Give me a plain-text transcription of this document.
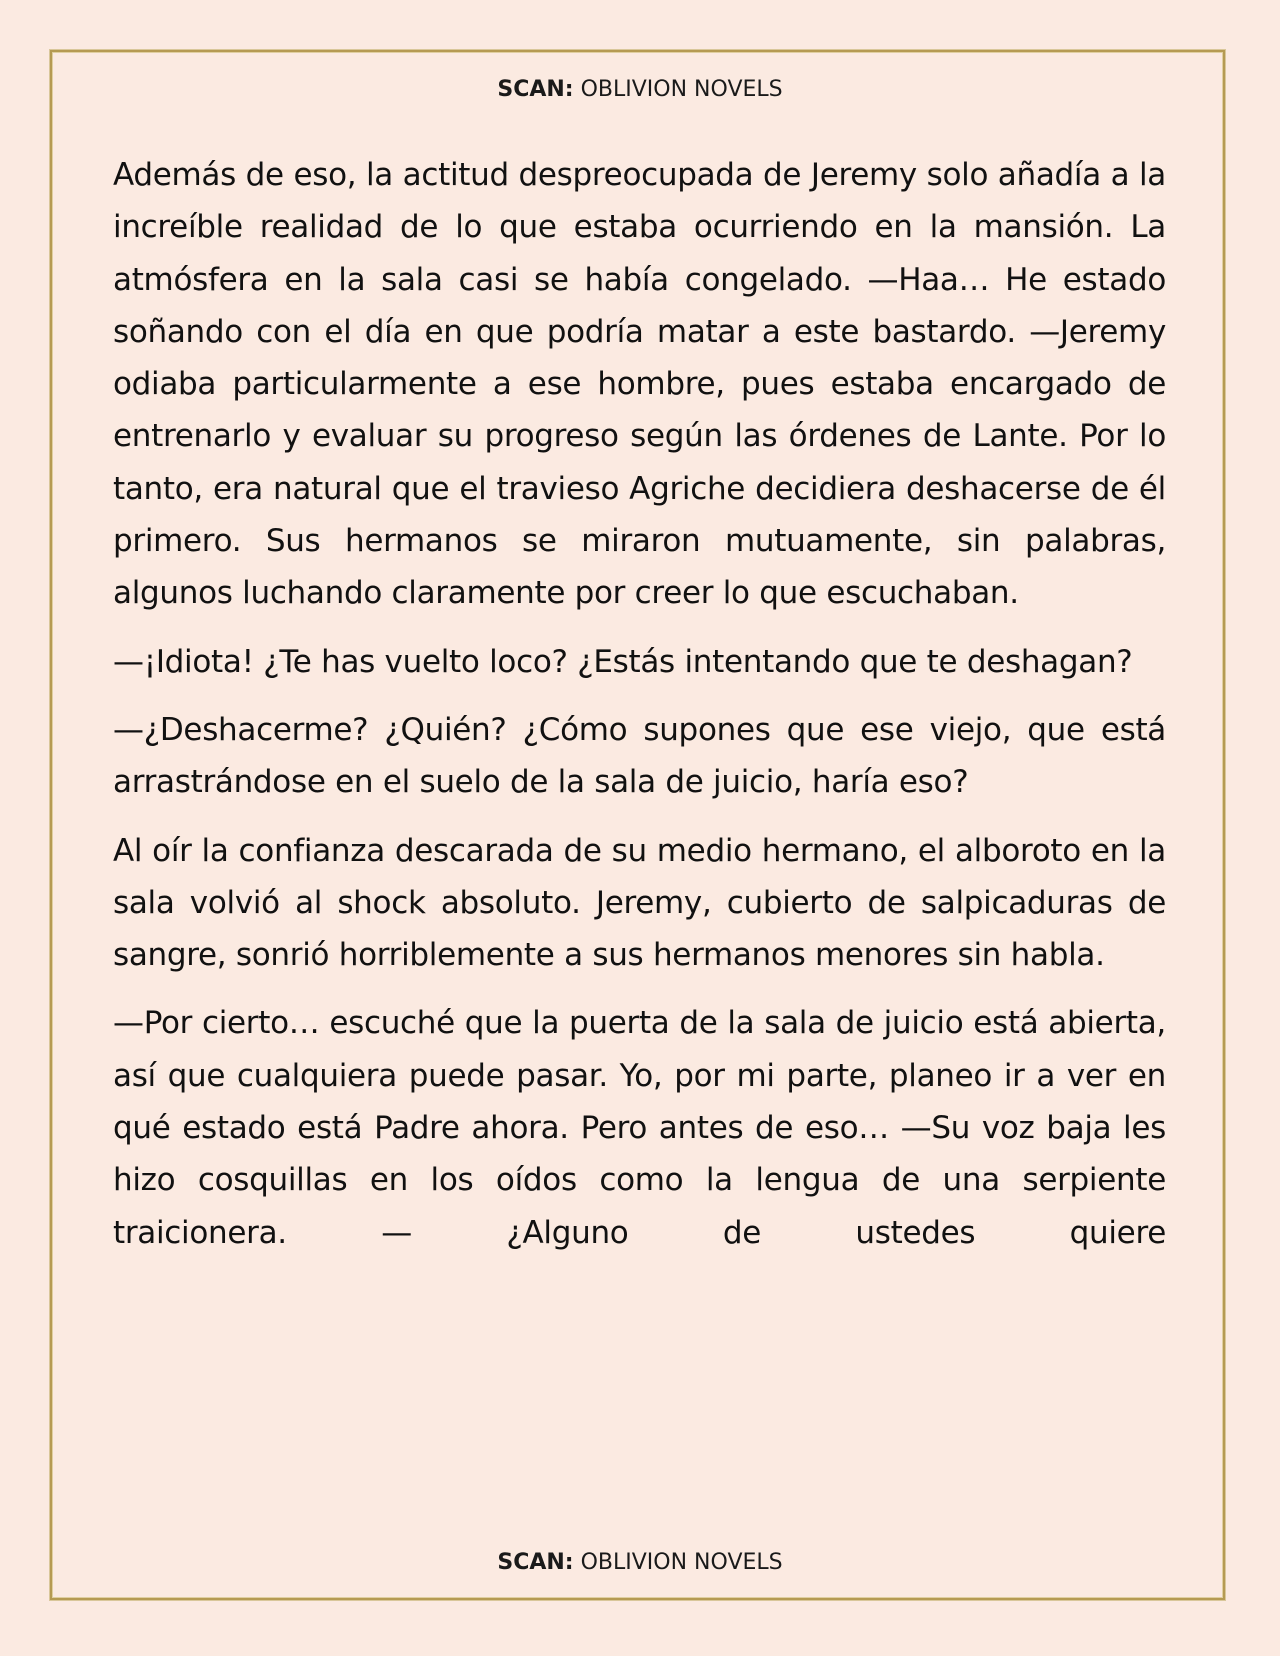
SCAN: OBLIVION NOVELS

Además de eso, la actitud despreocupada de Jeremy solo añadía a la increíble realidad de lo que estaba ocurriendo en la mansión. La atmósfera en la sala casi se había congelado. —Haa… He estado soñando con el día en que podría matar a este bastardo. —Jeremy odiaba particularmente a ese hombre, pues estaba encargado de entrenarlo y evaluar su progreso según las órdenes de Lante. Por lo tanto, era natural que el travieso Agriche decidiera deshacerse de él primero. Sus hermanos se miraron mutuamente, sin palabras, algunos luchando claramente por creer lo que escuchaban.

—¡Idiota! ¿Te has vuelto loco? ¿Estás intentando que te deshagan?

—¿Deshacerme? ¿Quién? ¿Cómo supones que ese viejo, que está arrastrándose en el suelo de la sala de juicio, haría eso?

Al oír la confianza descarada de su medio hermano, el alboroto en la sala volvió al shock absoluto. Jeremy, cubierto de salpicaduras de sangre, sonrió horriblemente a sus hermanos menores sin habla.

—Por cierto… escuché que la puerta de la sala de juicio está abierta, así que cualquiera puede pasar. Yo, por mi parte, planeo ir a ver en qué estado está Padre ahora. Pero antes de eso… —Su voz baja les hizo cosquillas en los oídos como la lengua de una serpiente traicionera. — ¿Alguno de ustedes quiere

SCAN: OBLIVION NOVELS
